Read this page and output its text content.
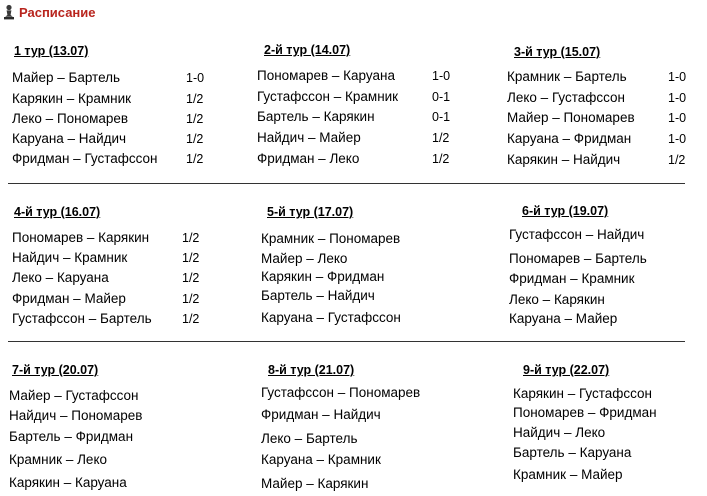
Расписание
1 тур (13.07)
Майер – Бартель	1-0
Карякин – Крамник	1/2
Леко – Пономарев	1/2
Каруана – Найдич	1/2
Фридман – Густафссон 1/2
2-й тур (14.07)
Пономарев – Каруана	1-0
Густафссон – Крамник	0-1
Бартель – Карякин	0-1
Найдич – Майер	1/2
Фридман – Леко	1/2
3-й тур (15.07)
Крамник – Бартель	1-0
Леко – Густафссон	1-0
Майер – Пономарев	1-0
Каруана – Фридман	1-0
Карякин – Найдич	1/2
4-й тур (16.07)
Пономарев – Карякин	1/2
Найдич – Крамник	1/2
Леко – Каруана	1/2
Фридман – Майер	1/2
Густафссон – Бартель 1/2
5-й тур (17.07)
Крамник – Пономарев
Майер – Леко
Карякин – Фридман
Бартель – Найдич
Каруана – Густафссон
6-й тур (19.07)
Густафссон – Найдич
Пономарев – Бартель
Фридман – Крамник
Леко – Карякин
Каруана – Майер
7-й тур (20.07)
Майер – Густафссон
Найдич – Пономарев
Бартель – Фридман
Крамник – Леко
Карякин – Каруана
8-й тур (21.07)
Густафссон – Пономарев
Фридман – Найдич
Леко – Бартель
Каруана – Крамник
Майер – Карякин
9-й тур (22.07)
Карякин – Густафссон
Пономарев – Фридман
Найдич – Леко
Бартель – Каруана
Крамник – Майер
